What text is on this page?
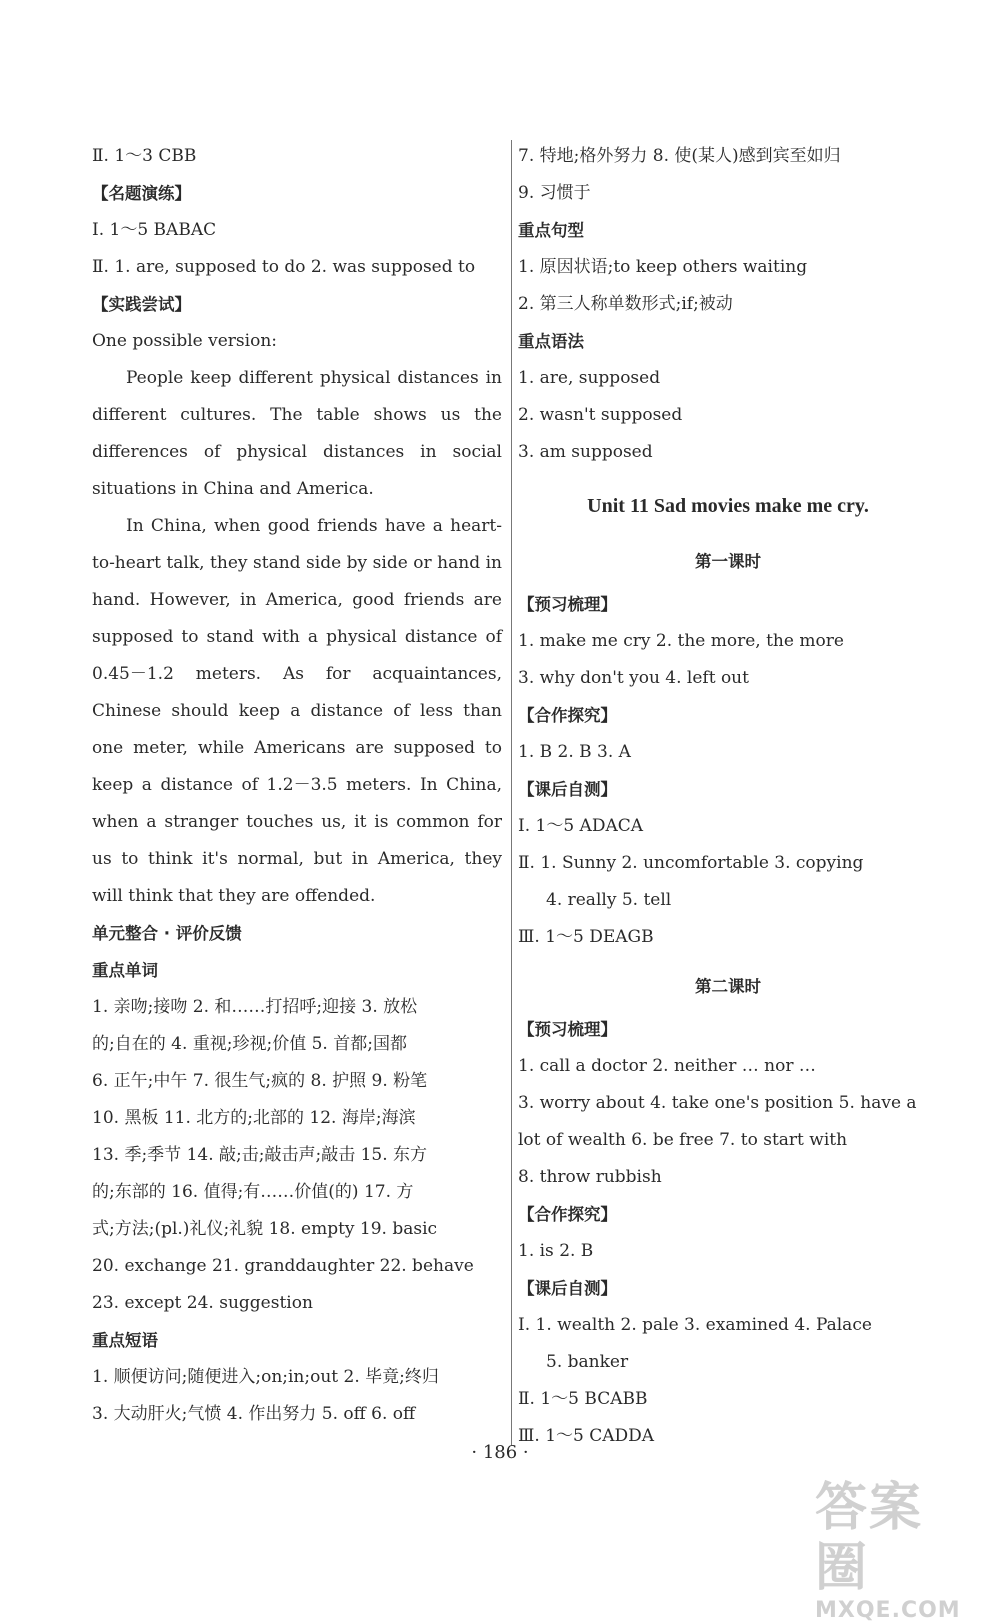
Ⅱ. 1～3 CBB
【名题演练】
Ⅰ. 1～5 BABAC
Ⅱ. 1. are, supposed to do 2. was supposed to
【实践尝试】
One possible version:

People keep different physical distances in different cultures. The table shows us the differences of physical distances in social situations in China and America.

In China, when good friends have a heart-to-heart talk, they stand side by side or hand in hand. However, in America, good friends are supposed to stand with a physical distance of 0.45－1.2 meters. As for acquaintances, Chinese should keep a distance of less than one meter, while Americans are supposed to keep a distance of 1.2－3.5 meters. In China, when a stranger touches us, it is common for us to think it's normal, but in America, they will think that they are offended.

单元整合 · 评价反馈
重点单词
1. 亲吻;接吻 2. 和……打招呼;迎接 3. 放松
的;自在的 4. 重视;珍视;价值 5. 首都;国都
6. 正午;中午 7. 很生气;疯的 8. 护照 9. 粉笔
10. 黑板 11. 北方的;北部的 12. 海岸;海滨
13. 季;季节 14. 敲;击;敲击声;敲击 15. 东方
的;东部的 16. 值得;有……价值(的) 17. 方
式;方法;(pl.)礼仪;礼貌 18. empty 19. basic
20. exchange 21. granddaughter 22. behave
23. except 24. suggestion
重点短语
1. 顺便访问;随便进入;on;in;out 2. 毕竟;终归
3. 大动肝火;气愤 4. 作出努力 5. off 6. off
7. 特地;格外努力 8. 使(某人)感到宾至如归
9. 习惯于
重点句型
1. 原因状语;to keep others waiting
2. 第三人称单数形式;if;被动
重点语法
1. are, supposed
2. wasn't supposed
3. am supposed
Unit 11 Sad movies make me cry.
第一课时
【预习梳理】
1. make me cry 2. the more, the more
3. why don't you 4. left out
【合作探究】
1. B 2. B 3. A
【课后自测】
Ⅰ. 1～5 ADACA
Ⅱ. 1. Sunny 2. uncomfortable 3. copying
4. really 5. tell
Ⅲ. 1～5 DEAGB
第二课时
【预习梳理】
1. call a doctor 2. neither … nor …
3. worry about 4. take one's position 5. have a
lot of wealth 6. be free 7. to start with
8. throw rubbish
【合作探究】
1. is 2. B
【课后自测】
Ⅰ. 1. wealth 2. pale 3. examined 4. Palace
5. banker
Ⅱ. 1～5 BCABB
Ⅲ. 1～5 CADDA
· 186 ·
答案圈
MXQE.COM
